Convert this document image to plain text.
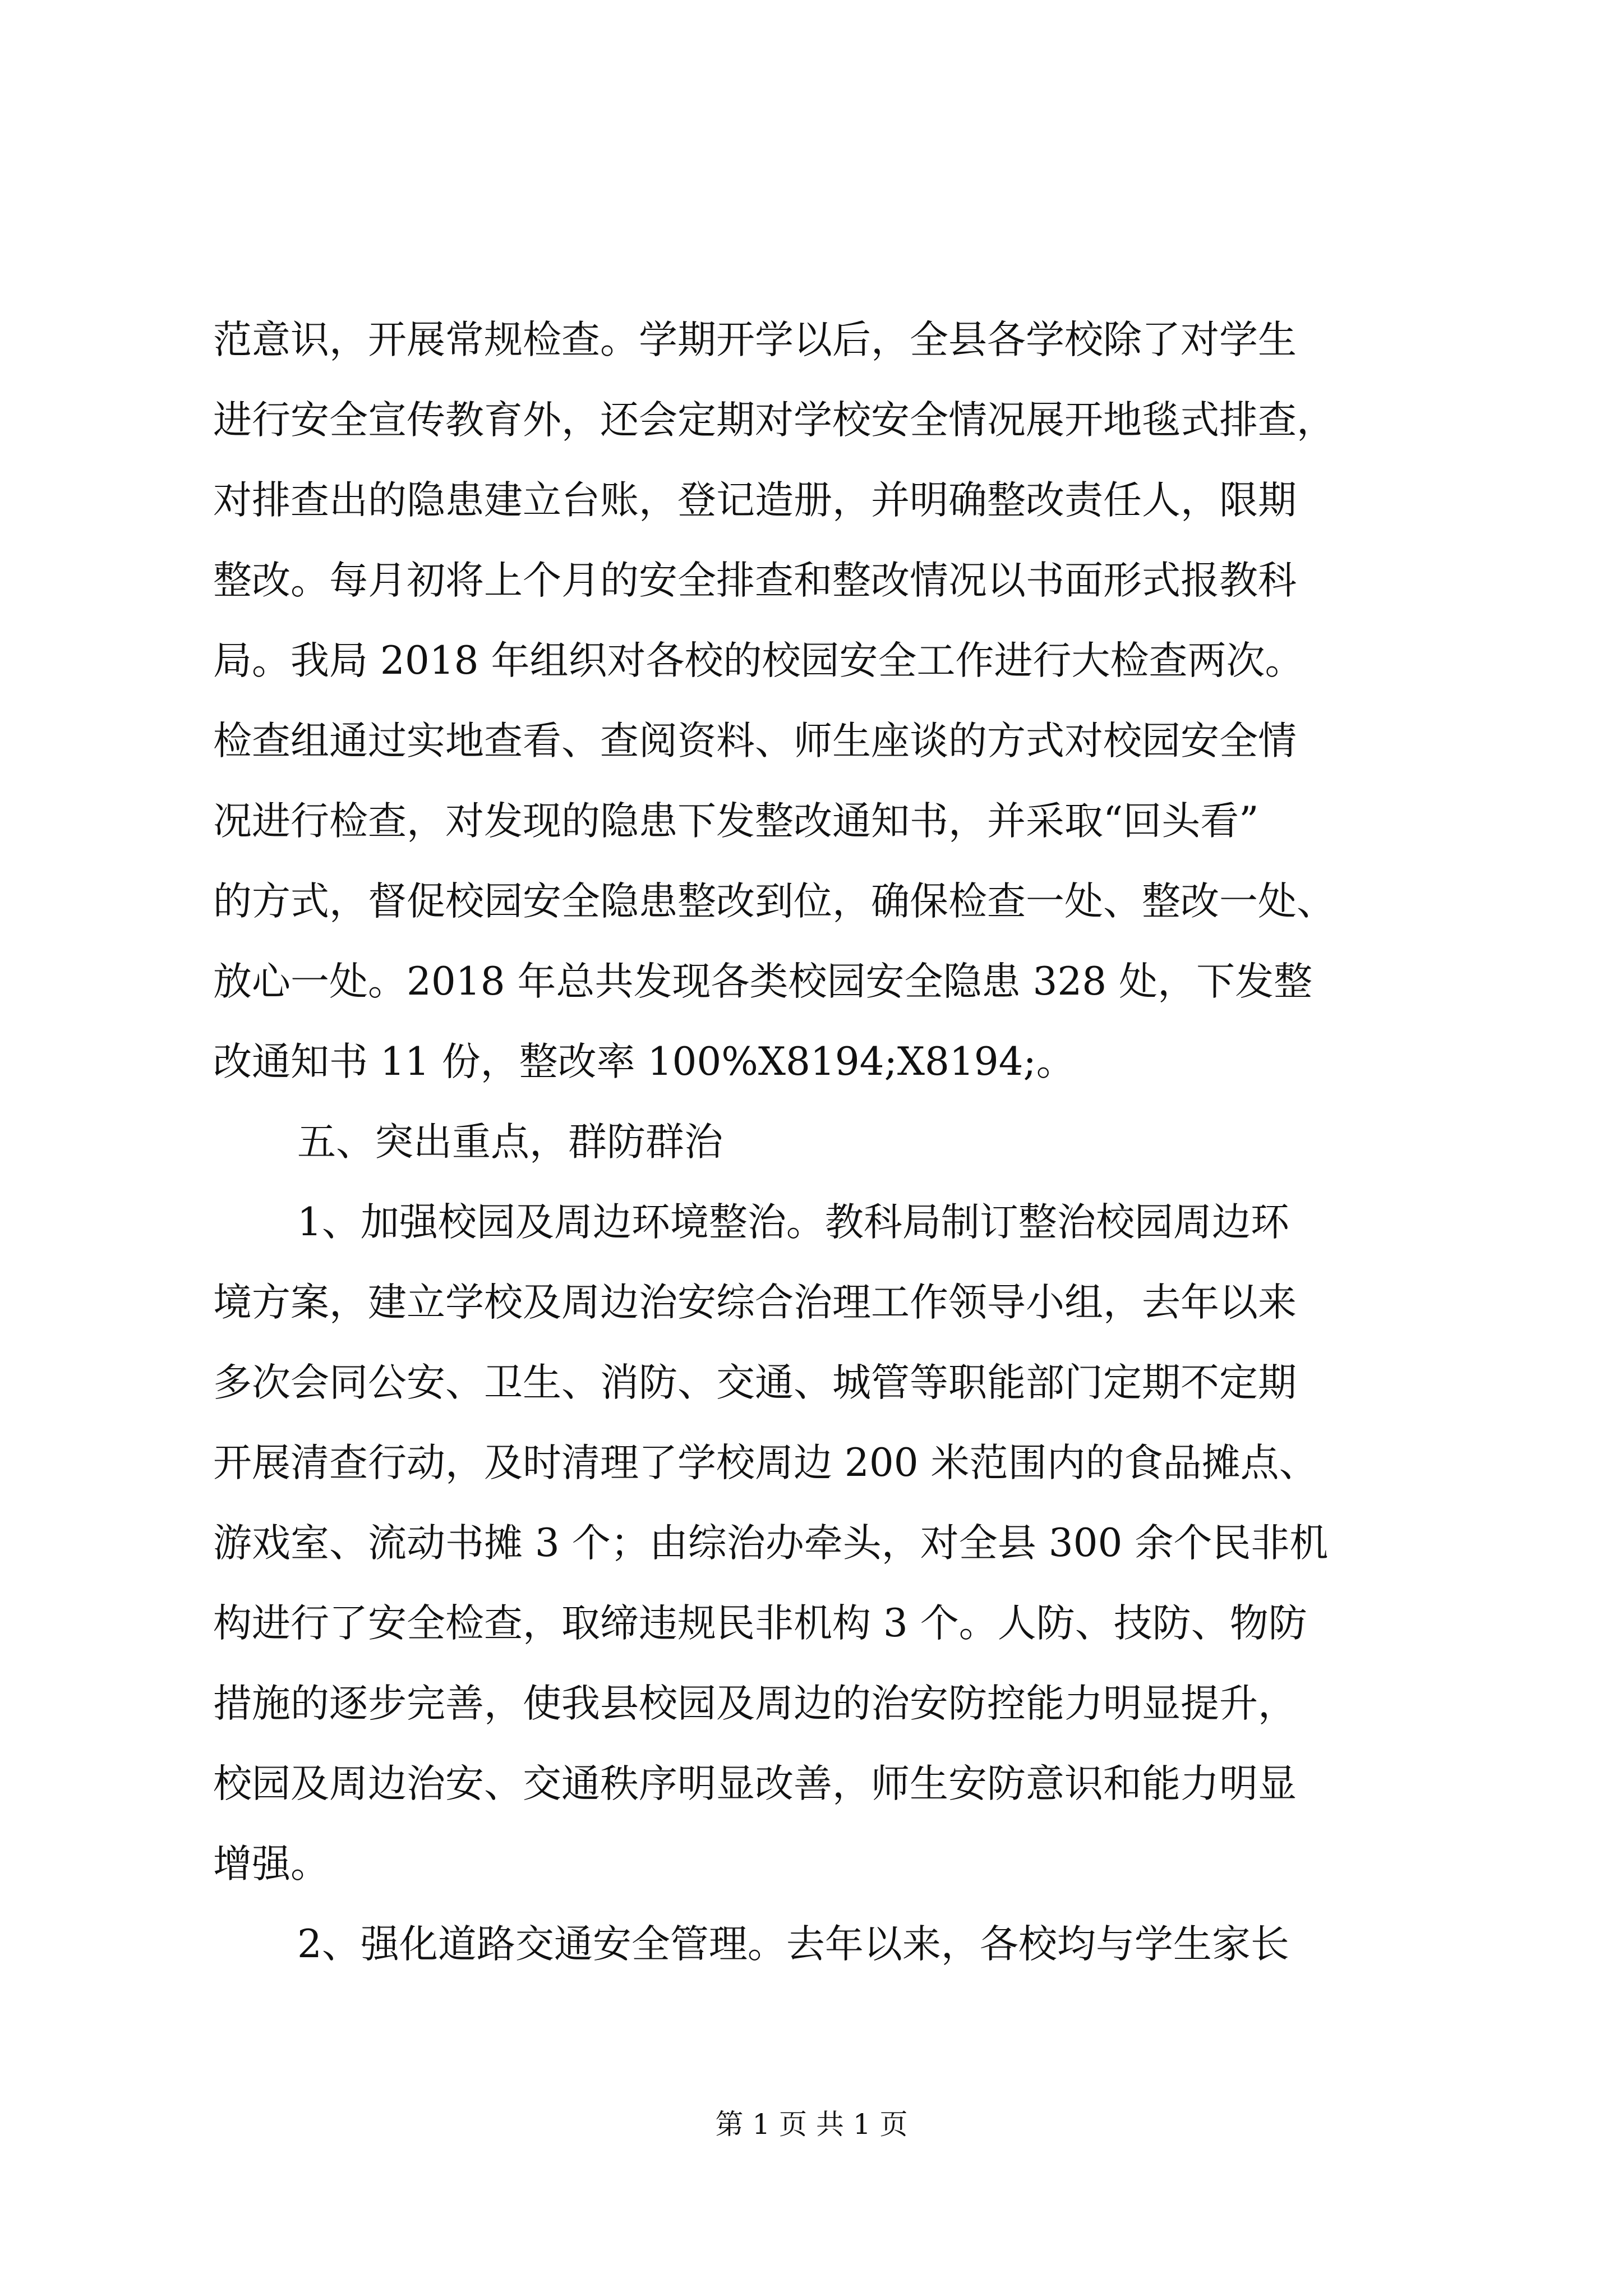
范意识，开展常规检查。学期开学以后，全县各学校除了对学生
进行安全宣传教育外，还会定期对学校安全情况展开地毯式排查，
对排查出的隐患建立台账，登记造册，并明确整改责任人，限期
整改。每月初将上个月的安全排查和整改情况以书面形式报教科
局。我局 2018 年组织对各校的校园安全工作进行大检查两次。
检查组通过实地查看、查阅资料、师生座谈的方式对校园安全情
况进行检查，对发现的隐患下发整改通知书，并采取“回头看”
的方式，督促校园安全隐患整改到位，确保检查一处、整改一处、
放心一处。2018 年总共发现各类校园安全隐患 328 处，下发整
改通知书 11 份，整改率 100%X8194;X8194;。
五、突出重点，群防群治
1、加强校园及周边环境整治。教科局制订整治校园周边环
境方案，建立学校及周边治安综合治理工作领导小组，去年以来
多次会同公安、卫生、消防、交通、城管等职能部门定期不定期
开展清查行动，及时清理了学校周边 200 米范围内的食品摊点、
游戏室、流动书摊 3 个；由综治办牵头，对全县 300 余个民非机
构进行了安全检查，取缔违规民非机构 3 个。人防、技防、物防
措施的逐步完善，使我县校园及周边的治安防控能力明显提升，
校园及周边治安、交通秩序明显改善，师生安防意识和能力明显
增强。
2、强化道路交通安全管理。去年以来，各校均与学生家长
第 1 页 共 1 页
